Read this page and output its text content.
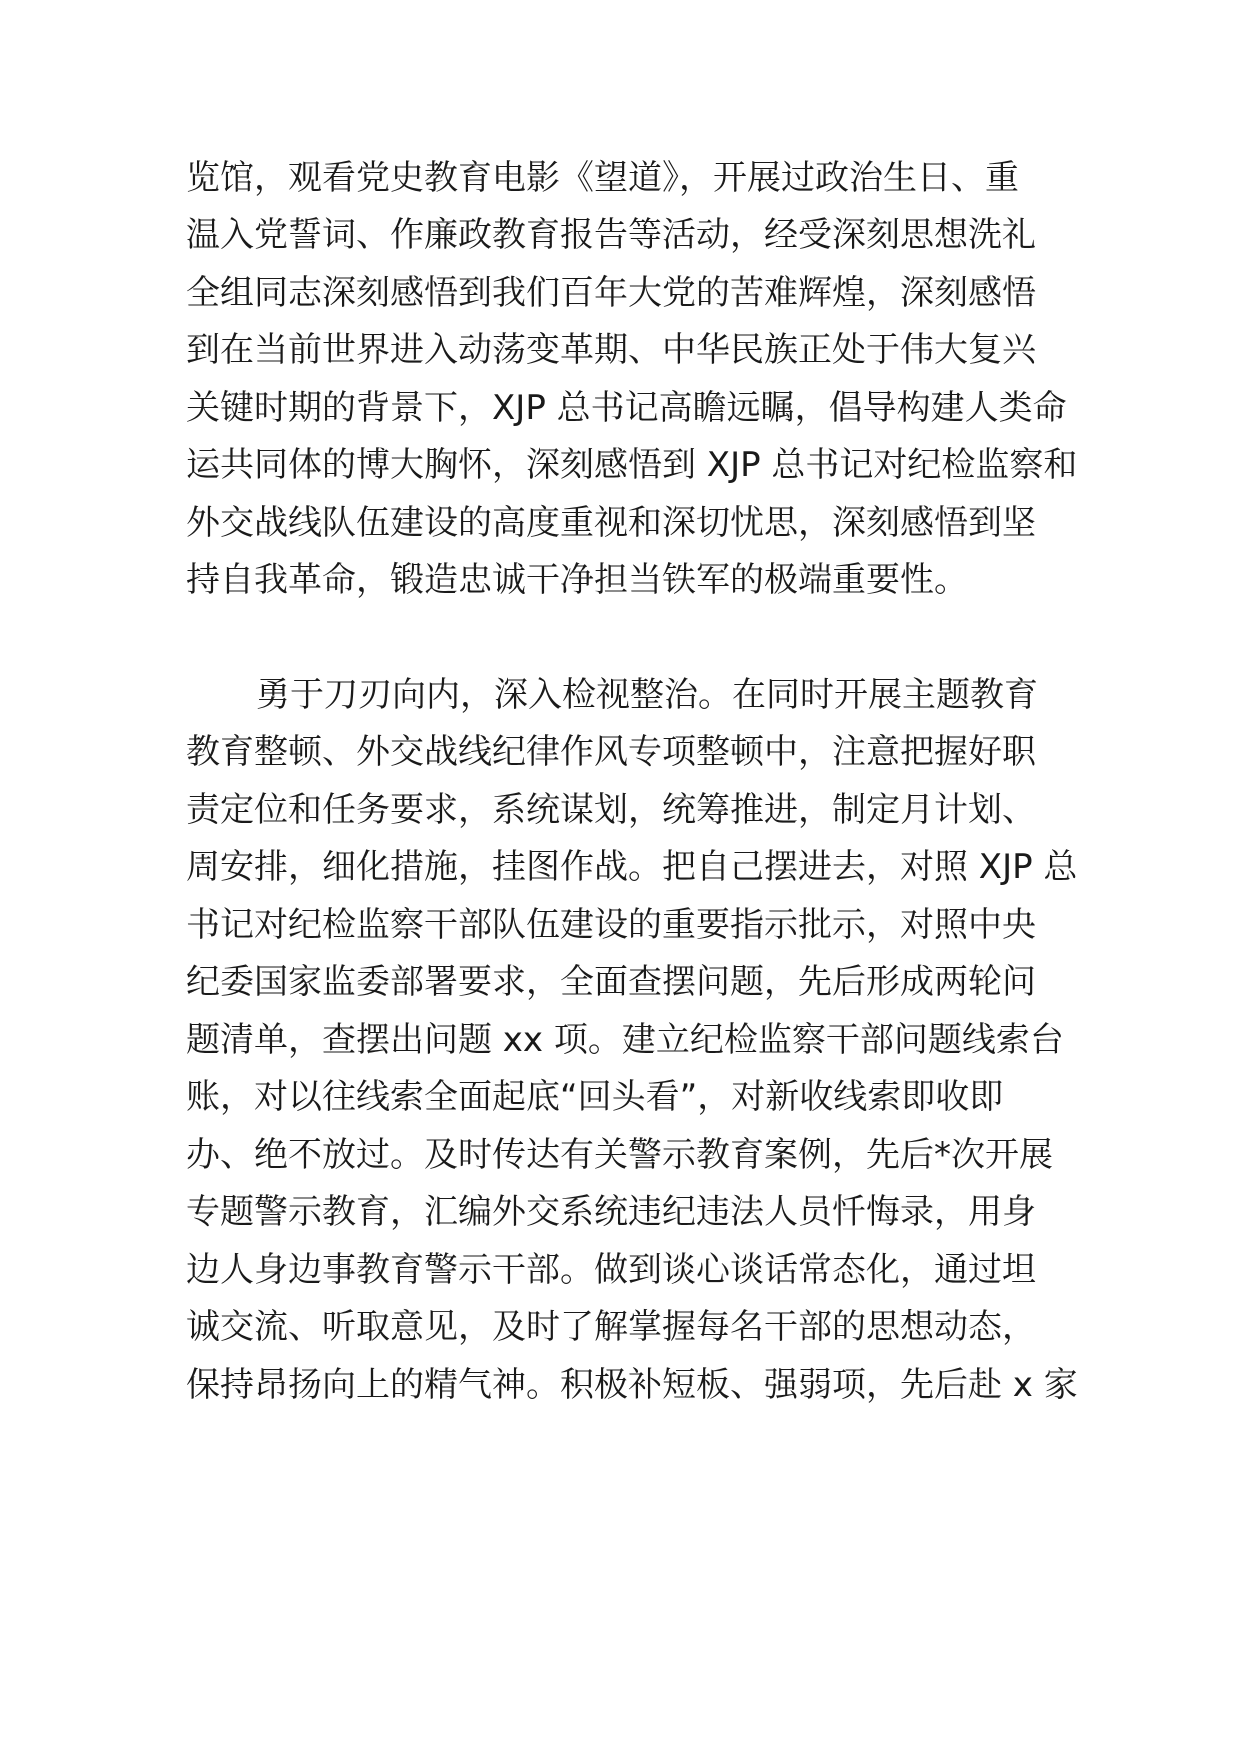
览馆，观看党史教育电影《望道》，开展过政治生日、重
温入党誓词、作廉政教育报告等活动，经受深刻思想洗礼
全组同志深刻感悟到我们百年大党的苦难辉煌，深刻感悟
到在当前世界进入动荡变革期、中华民族正处于伟大复兴
关键时期的背景下，XJP 总书记高瞻远瞩，倡导构建人类命
运共同体的博大胸怀，深刻感悟到 XJP 总书记对纪检监察和
外交战线队伍建设的高度重视和深切忧思，深刻感悟到坚
持自我革命，锻造忠诚干净担当铁军的极端重要性。
勇于刀刃向内，深入检视整治。在同时开展主题教育
教育整顿、外交战线纪律作风专项整顿中，注意把握好职
责定位和任务要求，系统谋划，统筹推进，制定月计划、
周安排，细化措施，挂图作战。把自己摆进去，对照 XJP 总
书记对纪检监察干部队伍建设的重要指示批示，对照中央
纪委国家监委部署要求，全面查摆问题，先后形成两轮问
题清单，查摆出问题 xx 项。建立纪检监察干部问题线索台
账，对以往线索全面起底“回头看”，对新收线索即收即
办、绝不放过。及时传达有关警示教育案例，先后*次开展
专题警示教育，汇编外交系统违纪违法人员忏悔录，用身
边人身边事教育警示干部。做到谈心谈话常态化，通过坦
诚交流、听取意见，及时了解掌握每名干部的思想动态，
保持昂扬向上的精气神。积极补短板、强弱项，先后赴 x 家
